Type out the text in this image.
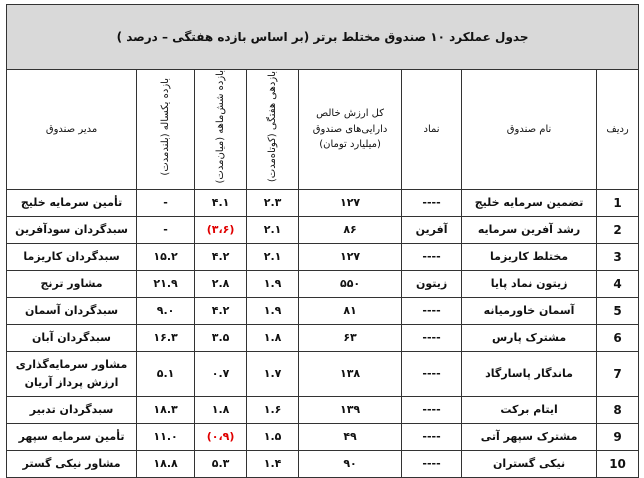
جدول عملکرد ۱۰ صندوق مختلط برتر (بر اساس بازده هفتگی – درصد )							
ردیف	نام صندوق	نماد	کل ارزش خالص دارایی‌های صندوق (میلیارد تومان)	بازدهی هفتگی (کوتاه‌مدت)	بازده شش‌ماهه (میان‌مدت)	بازده یکساله (بلندمدت)	مدیر صندوق
1	تضمین سرمایه خلیج	----	۱۲۷	۲.۳	۴.۱	-	تأمین سرمایه خلیج
2	رشد آفرین سرمایه	آفرین	۸۶	۲.۱	(۳،۶)	-	سبدگردان سودآفرین
3	مختلط کاریزما	----	۱۲۷	۲.۱	۴.۲	۱۵.۲	سبدگردان کاریزما
4	زیتون نماد پایا	زیتون	۵۵۰	۱.۹	۲.۸	۲۱.۹	مشاور ترنج
5	آسمان خاورمیانه	----	۸۱	۱.۹	۴.۲	۹.۰	سبدگردان آسمان
6	مشترک پارس	----	۶۳	۱.۸	۳.۵	۱۶.۳	سبدگردان آبان
7	ماندگار پاسارگاد	----	۱۳۸	۱.۷	۰.۷	۵.۱	مشاور سرمایه‌گذاری ارزش پرداز آریان
8	ایتام برکت	----	۱۳۹	۱.۶	۱.۸	۱۸.۳	سبدگردان تدبیر
9	مشترک سپهر آتی	----	۴۹	۱.۵	(۰،۹)	۱۱.۰	تأمین سرمایه سپهر
10	نیکی گستران	----	۹۰	۱.۴	۵.۳	۱۸.۸	مشاور نیکی گستر
